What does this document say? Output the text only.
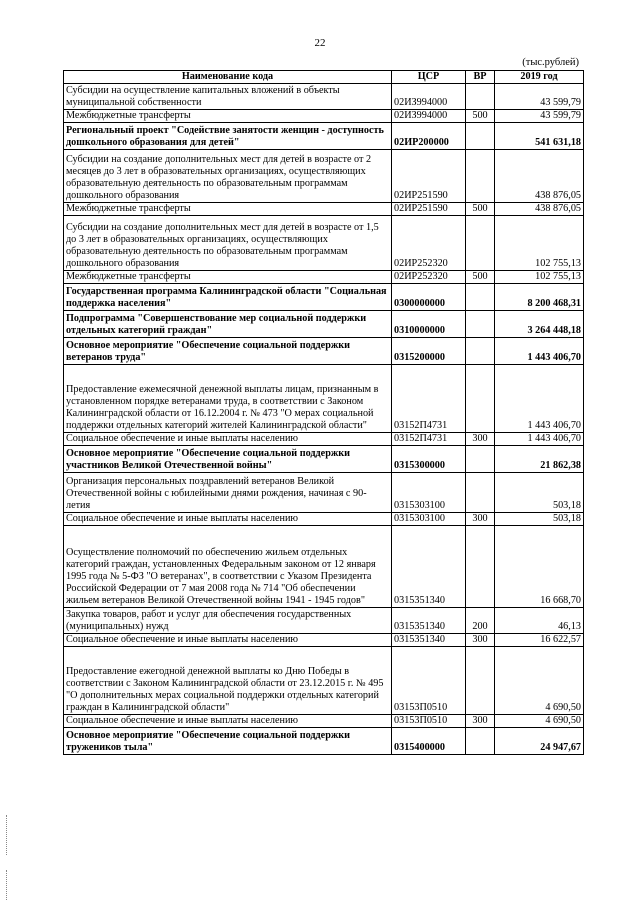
22
(тыс.рублей)
Наименование кода	ЦСР	ВР	2019 год
Субсидии на осуществление капитальных вложений в объекты муниципальной собственности	02ИЗ994000		43 599,79
Межбюджетные трансферты	02ИЗ994000	500	43 599,79
Региональный проект "Содействие занятости женщин - доступность дошкольного образования для детей"	02ИР200000		541 631,18
Субсидии на создание дополнительных мест для детей в возрасте от 2 месяцев до 3 лет в образовательных организациях, осуществляющих образовательную деятельность по образовательным программам дошкольного образования	02ИР251590		438 876,05
Межбюджетные трансферты	02ИР251590	500	438 876,05
Субсидии на создание дополнительных мест для детей в возрасте от 1,5 до 3 лет в образовательных организациях, осуществляющих образовательную деятельность по образовательным программам дошкольного образования	02ИР252320		102 755,13
Межбюджетные трансферты	02ИР252320	500	102 755,13
Государственная программа Калининградской области "Социальная поддержка населения"	0300000000		8 200 468,31
Подпрограмма "Совершенствование мер социальной поддержки отдельных категорий граждан"	0310000000		3 264 448,18
Основное мероприятие "Обеспечение социальной поддержки ветеранов труда"	0315200000		1 443 406,70
Предоставление ежемесячной денежной выплаты лицам, признанным в установленном порядке ветеранами труда, в соответствии с Законом Калининградской области от 16.12.2004 г. № 473 "О мерах социальной поддержки отдельных категорий жителей Калининградской области"	03152П4731		1 443 406,70
Социальное обеспечение и иные выплаты населению	03152П4731	300	1 443 406,70
Основное мероприятие "Обеспечение социальной поддержки участников Великой Отечественной войны"	0315300000		21 862,38
Организация персональных поздравлений ветеранов Великой Отечественной войны с юбилейными днями рождения, начиная с 90-летия	0315303100		503,18
Социальное обеспечение и иные выплаты населению	0315303100	300	503,18
Осуществление полномочий по обеспечению жильем отдельных категорий граждан, установленных Федеральным законом от 12 января 1995 года № 5-ФЗ "О ветеранах", в соответствии с Указом Президента Российской Федерации от 7 мая 2008 года № 714 "Об обеспечении жильем ветеранов Великой Отечественной войны 1941 - 1945 годов"	0315351340		16 668,70
Закупка товаров, работ и услуг для обеспечения государственных (муниципальных) нужд	0315351340	200	46,13
Социальное обеспечение и иные выплаты населению	0315351340	300	16 622,57
Предоставление ежегодной денежной выплаты ко Дню Победы в соответствии с Законом Калининградской области от 23.12.2015 г. № 495 "О дополнительных мерах социальной поддержки отдельных категорий граждан в Калининградской области"	03153П0510		4 690,50
Социальное обеспечение и иные выплаты населению	03153П0510	300	4 690,50
Основное мероприятие "Обеспечение социальной поддержки тружеников тыла"	0315400000		24 947,67
